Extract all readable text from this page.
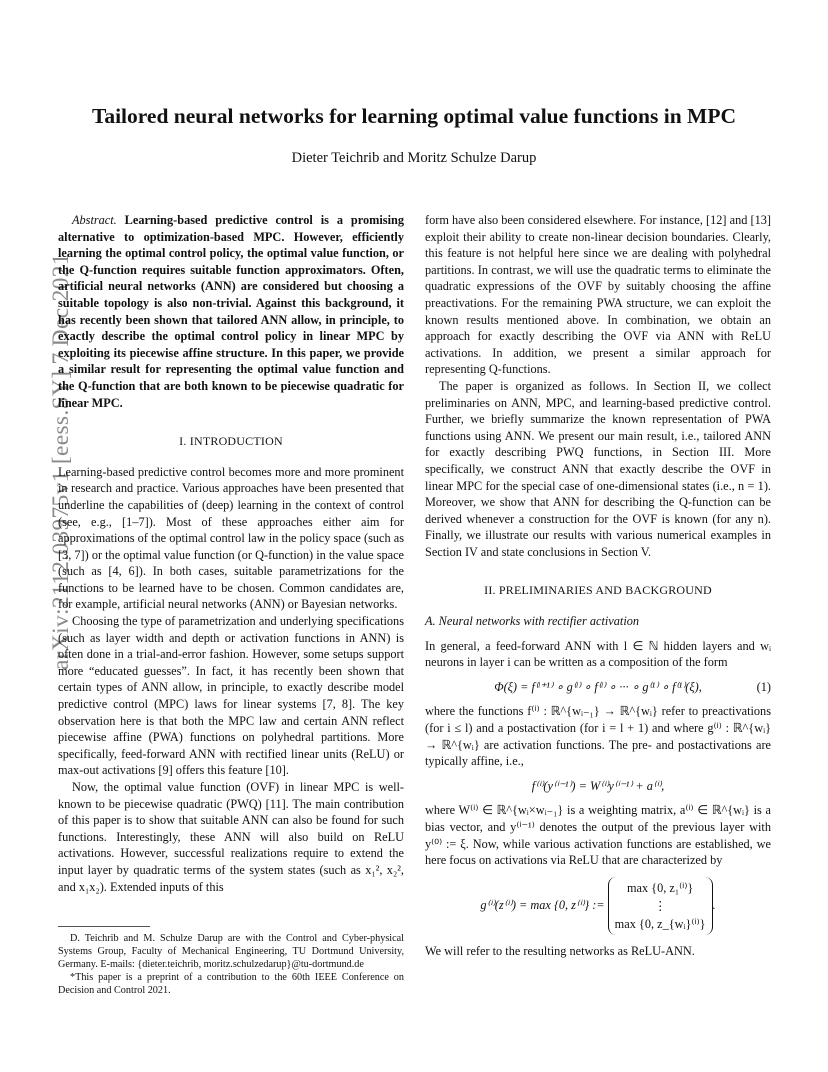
arXiv:2112.03975v1 [eess.SY] 7 Dec 2021
Tailored neural networks for learning optimal value functions in MPC
Dieter Teichrib and Moritz Schulze Darup

Abstract. Learning-based predictive control is a promising alternative to optimization-based MPC. However, efficiently learning the optimal control policy, the optimal value function, or the Q-function requires suitable function approximators. Often, artificial neural networks (ANN) are considered but choosing a suitable topology is also non-trivial. Against this background, it has recently been shown that tailored ANN allow, in principle, to exactly describe the optimal control policy in linear MPC by exploiting its piecewise affine structure. In this paper, we provide a similar result for representing the optimal value function and the Q-function that are both known to be piecewise quadratic for linear MPC.

I. INTRODUCTION

Learning-based predictive control becomes more and more prominent in research and practice. Various approaches have been presented that underline the capabilities of (deep) learning in the context of control (see, e.g., [1–7]). Most of these approaches either aim for approximations of the optimal control law in the policy space (such as [3, 7]) or the optimal value function (or Q-function) in the value space (such as [4, 6]). In both cases, suitable parametrizations for the functions to be learned have to be chosen. Common candidates are, for example, artificial neural networks (ANN) or Bayesian networks.

Choosing the type of parametrization and underlying specifications (such as layer width and depth or activation functions in ANN) is often done in a trial-and-error fashion. However, some setups support more “educated guesses”. In fact, it has recently been shown that certain types of ANN allow, in principle, to exactly describe model predictive control (MPC) laws for linear systems [7, 8]. The key observation here is that both the MPC law and certain ANN reflect piecewise affine (PWA) functions on polyhedral partitions. More specifically, feed-forward ANN with rectified linear units (ReLU) or max-out activations [9] offers this feature [10].

Now, the optimal value function (OVF) in linear MPC is well-known to be piecewise quadratic (PWQ) [11]. The main contribution of this paper is to show that suitable ANN can also be found for such functions. Interestingly, these ANN will also build on ReLU activations. However, successful realizations require to extend the input layer by quadratic terms of the system states (such as x₁², x₂², and x₁x₂). Extended inputs of this

D. Teichrib and M. Schulze Darup are with the Control and Cyber-physical Systems Group, Faculty of Mechanical Engineering, TU Dortmund University, Germany. E-mails: {dieter.teichrib, moritz.schulzedarup}@tu-dortmund.de

*This paper is a preprint of a contribution to the 60th IEEE Conference on Decision and Control 2021.

form have also been considered elsewhere. For instance, [12] and [13] exploit their ability to create non-linear decision boundaries. Clearly, this feature is not helpful here since we are dealing with polyhedral partitions. In contrast, we will use the quadratic terms to eliminate the quadratic expressions of the OVF by suitably choosing the affine preactivations. For the remaining PWA structure, we can exploit the known results mentioned above. In combination, we obtain an approach for exactly describing the OVF via ANN with ReLU activations. In addition, we present a similar approach for representing Q-functions.

The paper is organized as follows. In Section II, we collect preliminaries on ANN, MPC, and learning-based predictive control. Further, we briefly summarize the known representation of PWA functions using ANN. We present our main result, i.e., tailored ANN for exactly describing PWQ functions, in Section III. More specifically, we construct ANN that exactly describe the OVF in linear MPC for the special case of one-dimensional states (i.e., n = 1). Moreover, we show that ANN for describing the Q-function can be derived whenever a construction for the OVF is known (for any n). Finally, we illustrate our results with various numerical examples in Section IV and state conclusions in Section V.

II. PRELIMINARIES AND BACKGROUND
A. Neural networks with rectifier activation

In general, a feed-forward ANN with l ∈ ℕ hidden layers and wᵢ neurons in layer i can be written as a composition of the form

Φ(ξ) = f⁽ˡ⁺¹⁾ ∘ g⁽ˡ⁾ ∘ f⁽ˡ⁾ ∘ ··· ∘ g⁽¹⁾ ∘ f⁽¹⁾(ξ),	(1)

where the functions f⁽ⁱ⁾ : ℝ^{wᵢ₋₁} → ℝ^{wᵢ} refer to preactivations (for i ≤ l) and a postactivation (for i = l + 1) and where g⁽ⁱ⁾ : ℝ^{wᵢ} → ℝ^{wᵢ} are activation functions. The pre- and postactivations are typically affine, i.e.,

f⁽ⁱ⁾(y⁽ⁱ⁻¹⁾) = W⁽ⁱ⁾y⁽ⁱ⁻¹⁾ + a⁽ⁱ⁾,

where W⁽ⁱ⁾ ∈ ℝ^{wᵢ×wᵢ₋₁} is a weighting matrix, a⁽ⁱ⁾ ∈ ℝ^{wᵢ} is a bias vector, and y⁽ⁱ⁻¹⁾ denotes the output of the previous layer with y⁽⁰⁾ := ξ. Now, while various activation functions are established, we here focus on activations via ReLU that are characterized by

g⁽ⁱ⁾(z⁽ⁱ⁾) = max {0, z⁽ⁱ⁾} :=
max {0, z₁⁽ⁱ⁾}
⋮
max {0, z_{wᵢ}⁽ⁱ⁾}
.

We will refer to the resulting networks as ReLU-ANN.
